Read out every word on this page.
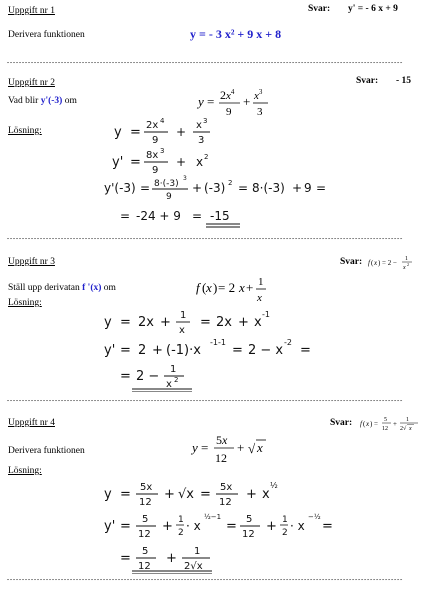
Uppgift nr 1	Svar: y' = - 6 x + 9
Derivera funktionen	y = - 3 x² + 9 x + 8
************************************************************************************************************************************
Uppgift nr 2	Svar: - 15
Vad blir y'(-3) om	$y = 2x^4$
9
+ $x^3$
3
Lösning:	y = 2x 4
9
+ x 3
3
y' = 8x 3
9
+ x 2
y'(-3) = 8·(-3)
3
9
+ (-3) 2 = 8·(-3) + 9 =
= -24 + 9 = -15
************************************************************************************************************************************
Uppgift nr 3	Svar: f ( x ) = 2 − 1
x
2
Ställ upp derivatan f '(x) om	f ( x ) = 2 x + 1
x
Lösning:
y = 2x + 1
x
= 2x + x
-1
y' = 2 + (-1)·x
-1-1
= 2 − x
-2
=
= 2 − 1
x 2
************************************************************************************************************************************
Uppgift nr 4	Svar: f ( x ) = 5
12
+ 1
2√ x
Derivera funktionen	y = 5x
12
+ √ x
Lösning:
y = 5x
12
+ √x = 5x
12
+ x
½
y' = 5
12
+ 1
2 · x
½−1
= 5
12
+ 1
2 · x
−½
=
= 5
12
+ 1
2√x
************************************************************************************************************************************
